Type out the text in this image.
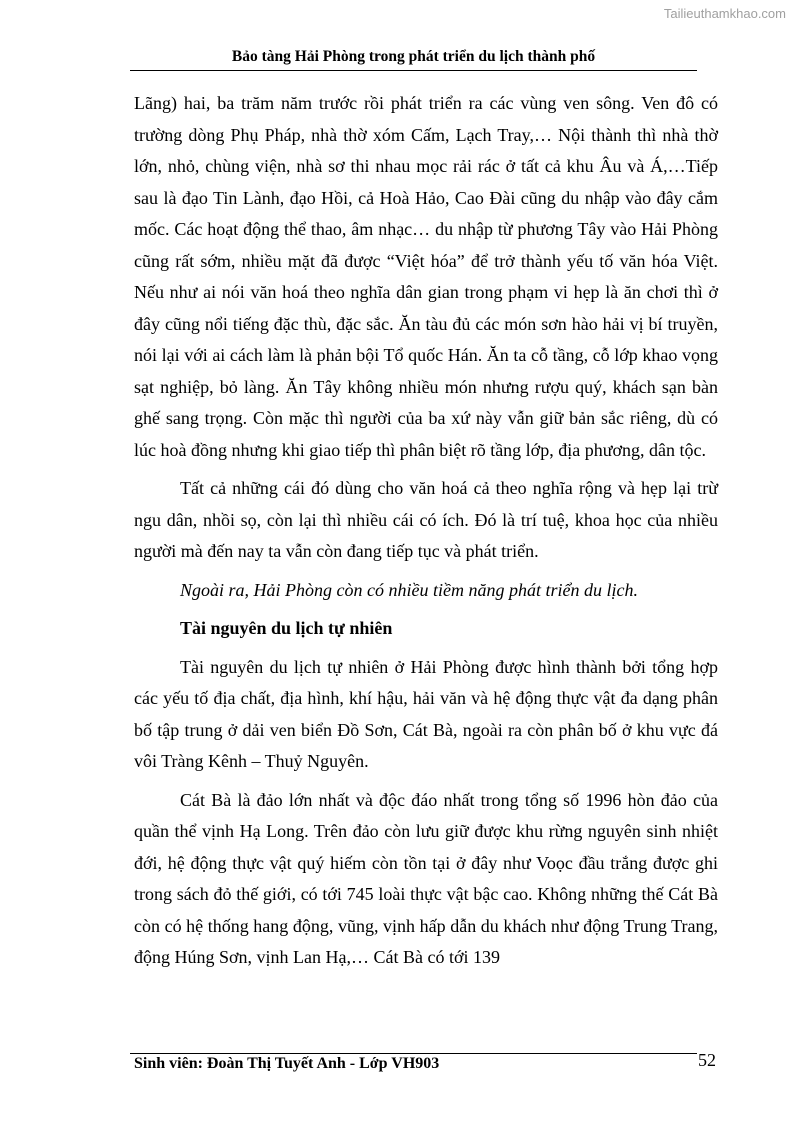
Tailieuthamkhao.com
Bảo tàng Hải Phòng trong phát triển du lịch thành phố

Lãng) hai, ba trăm năm trước rồi phát triển ra các vùng ven sông. Ven đô có trường dòng Phụ Pháp, nhà thờ xóm Cấm, Lạch Tray,… Nội thành thì nhà thờ lớn, nhỏ, chùng viện, nhà sơ thi nhau mọc rải rác ở tất cả khu Âu và Á,…Tiếp sau là đạo Tin Lành, đạo Hồi, cả Hoà Hảo, Cao Đài cũng du nhập vào đây cắm mốc. Các hoạt động thể thao, âm nhạc… du nhập từ phương Tây vào Hải Phòng cũng rất sớm, nhiều mặt đã được “Việt hóa” để trở thành yếu tố văn hóa Việt. Nếu như ai nói văn hoá theo nghĩa dân gian trong phạm vi hẹp là ăn chơi thì ở đây cũng nổi tiếng đặc thù, đặc sắc. Ăn tàu đủ các món sơn hào hải vị bí truyền, nói lại với ai cách làm là phản bội Tổ quốc Hán. Ăn ta cỗ tầng, cỗ lớp khao vọng sạt nghiệp, bỏ làng. Ăn Tây không nhiều món nhưng rượu quý, khách sạn bàn ghế sang trọng. Còn mặc thì người của ba xứ này vẫn giữ bản sắc riêng, dù có lúc hoà đồng nhưng khi giao tiếp thì phân biệt rõ tầng lớp, địa phương, dân tộc.

Tất cả những cái đó dùng cho văn hoá cả theo nghĩa rộng và hẹp lại trừ ngu dân, nhồi sọ, còn lại thì nhiều cái có ích. Đó là trí tuệ, khoa học của nhiều người mà đến nay ta vẫn còn đang tiếp tục và phát triển.

Ngoài ra, Hải Phòng còn có nhiều tiềm năng phát triển du lịch.

Tài nguyên du lịch tự nhiên

Tài nguyên du lịch tự nhiên ở Hải Phòng được hình thành bởi tổng hợp các yếu tố địa chất, địa hình, khí hậu, hải văn và hệ động thực vật đa dạng phân bố tập trung ở dải ven biển Đồ Sơn, Cát Bà, ngoài ra còn phân bố ở khu vực đá vôi Tràng Kênh – Thuỷ Nguyên.

Cát Bà là đảo lớn nhất và độc đáo nhất trong tổng số 1996 hòn đảo của quần thể vịnh Hạ Long. Trên đảo còn lưu giữ được khu rừng nguyên sinh nhiệt đới, hệ động thực vật quý hiếm còn tồn tại ở đây như Voọc đầu trắng được ghi trong sách đỏ thế giới, có tới 745 loài thực vật bậc cao. Không những thế Cát Bà còn có hệ thống hang động, vũng, vịnh hấp dẫn du khách như động Trung Trang, động Húng Sơn, vịnh Lan Hạ,… Cát Bà có tới 139

Sinh viên: Đoàn Thị Tuyết Anh - Lớp VH903	52
